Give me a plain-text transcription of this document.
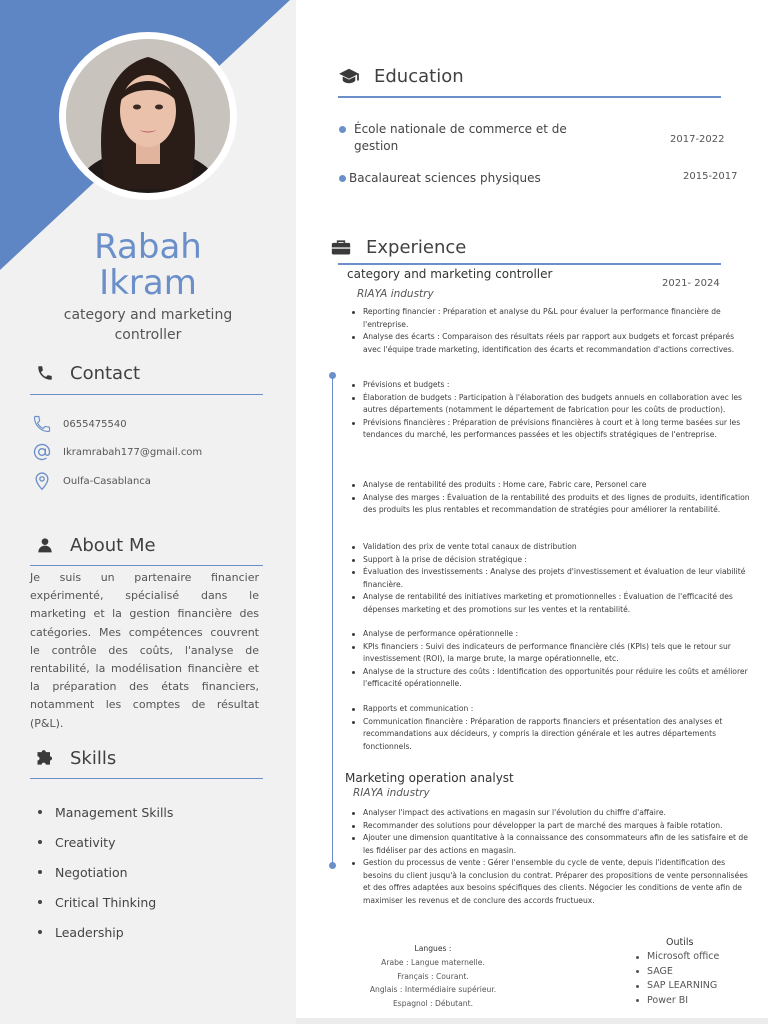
Rabah
Ikram
category and marketing controller
Contact
0655475540
Ikramrabah177@gmail.com
Oulfa-Casablanca
About Me
Je suis un partenaire financier expérimenté, spécialisé dans le marketing et la gestion financière des catégories. Mes compétences couvrent le contrôle des coûts, l'analyse de rentabilité, la modélisation financière et la préparation des états financiers, notamment les comptes de résultat (P&L).
Skills
Management Skills
Creativity
Negotiation
Critical Thinking
Leadership
Education
École nationale de commerce et de gestion	2017-2022
Bacalaureat sciences physiques	2015-2017
Experience
category and marketing controller
2021- 2024
RIAYA industry
Reporting financier : Préparation et analyse du P&L pour évaluer la performance financière de l'entreprise.
Analyse des écarts : Comparaison des résultats réels par rapport aux budgets et forcast préparés avec l'équipe trade marketing, identification des écarts et recommandation d'actions correctives.
Prévisions et budgets :
Élaboration de budgets : Participation à l'élaboration des budgets annuels en collaboration avec les autres départements (notamment le département de fabrication pour les coûts de production).
Prévisions financières : Préparation de prévisions financières à court et à long terme basées sur les tendances du marché, les performances passées et les objectifs stratégiques de l'entreprise.
Analyse de rentabilité des produits : Home care, Fabric care, Personel care
Analyse des marges : Évaluation de la rentabilité des produits et des lignes de produits, identification des produits les plus rentables et recommandation de stratégies pour améliorer la rentabilité.
Validation des prix de vente total canaux de distribution
Support à la prise de décision stratégique :
Évaluation des investissements : Analyse des projets d'investissement et évaluation de leur viabilité financière.
Analyse de rentabilité des initiatives marketing et promotionnelles : Évaluation de l'efficacité des dépenses marketing et des promotions sur les ventes et la rentabilité.
Analyse de performance opérationnelle :
KPIs financiers : Suivi des indicateurs de performance financière clés (KPIs) tels que le retour sur investissement (ROI), la marge brute, la marge opérationnelle, etc.
Analyse de la structure des coûts : Identification des opportunités pour réduire les coûts et améliorer l'efficacité opérationnelle.
Rapports et communication :
Communication financière : Préparation de rapports financiers et présentation des analyses et recommandations aux décideurs, y compris la direction générale et les autres départements fonctionnels.
Marketing operation analyst
RIAYA industry
Analyser l'impact des activations en magasin sur l'évolution du chiffre d'affaire.
Recommander des solutions pour développer la part de marché des marques à faible rotation.
Ajouter une dimension quantitative à la connaissance des consommateurs afin de les satisfaire et de les fidéliser par des actions en magasin.
Gestion du processus de vente : Gérer l'ensemble du cycle de vente, depuis l'identification des besoins du client jusqu'à la conclusion du contrat. Préparer des propositions de vente personnalisées et des offres adaptées aux besoins spécifiques des clients. Négocier les conditions de vente afin de maximiser les revenus et de conclure des accords fructueux.
Langues :
Arabe : Langue maternelle.
Français : Courant.
Anglais : Intermédiaire supérieur.
Espagnol : Débutant.
Outils
Microsoft office
SAGE
SAP LEARNING
Power BI
